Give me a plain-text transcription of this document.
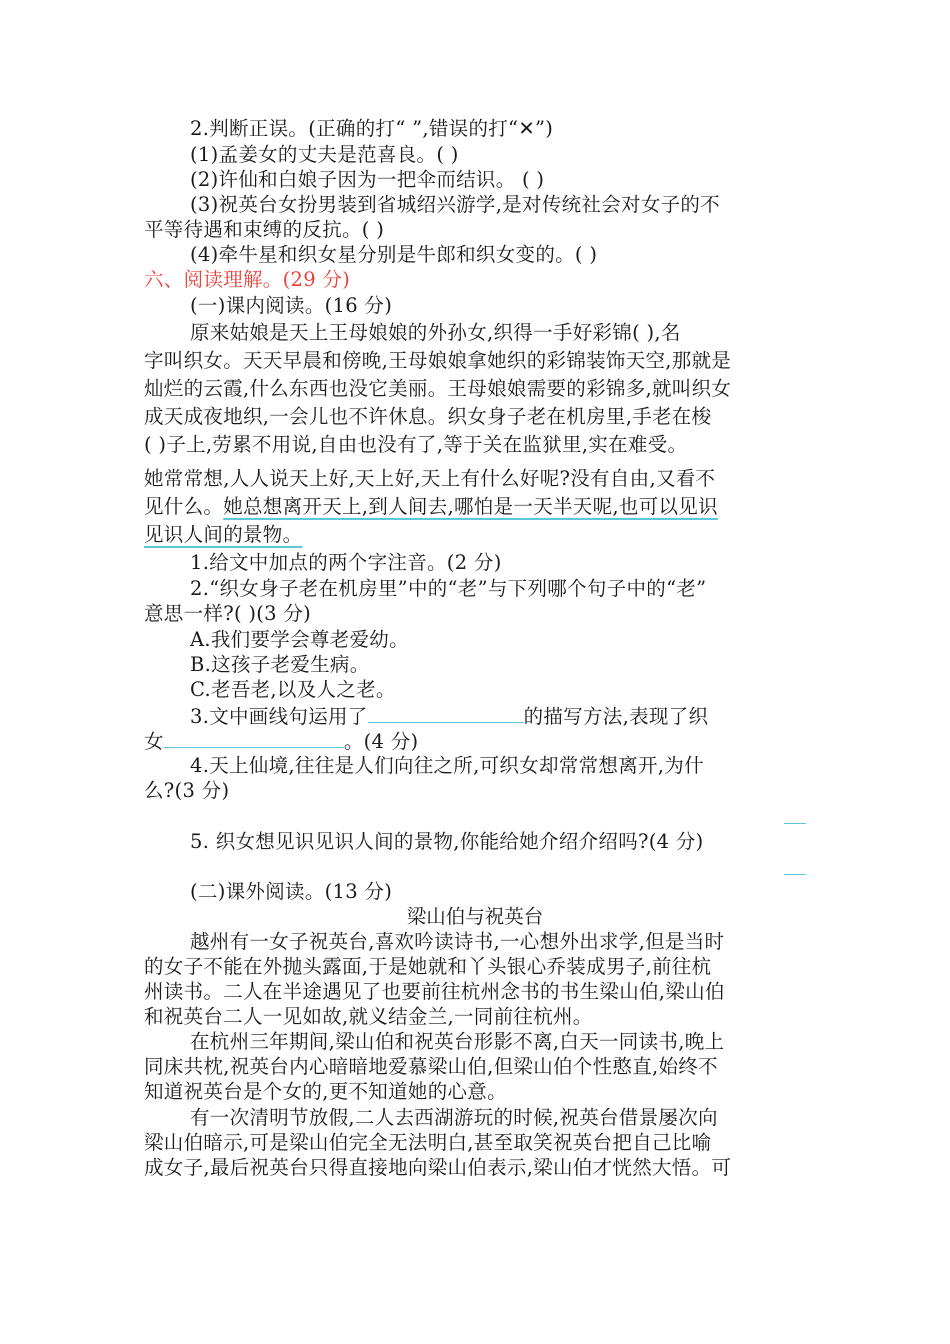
2.判断正误。(正确的打“ ”,错误的打“✕”)
(1)孟姜女的丈夫是范喜良。( )
(2)许仙和白娘子因为一把伞而结识。 ( )
(3)祝英台女扮男装到省城绍兴游学,是对传统社会对女子的不
平等待遇和束缚的反抗。( )
(4)牵牛星和织女星分别是牛郎和织女变的。( )
六、阅读理解。(29 分)
(一)课内阅读。(16 分)
原来姑娘是天上王母娘娘的外孙女,织得一手好彩锦( ),名
字叫织女。天天早晨和傍晚,王母娘娘拿她织的彩锦装饰天空,那就是
灿烂的云霞,什么东西也没它美丽。王母娘娘需要的彩锦多,就叫织女
成天成夜地织,一会儿也不许休息。织女身子老在机房里,手老在梭
( )子上,劳累不用说,自由也没有了,等于关在监狱里,实在难受。
她常常想,人人说天上好,天上好,天上有什么好呢?没有自由,又看不
见什么。她总想离开天上,到人间去,哪怕是一天半天呢,也可以见识
见识人间的景物。
1.给文中加点的两个字注音。(2 分)
2.“织女身子老在机房里”中的“老”与下列哪个句子中的“老”
意思一样?( )(3 分)
A.我们要学会尊老爱幼。
B.这孩子老爱生病。
C.老吾老,以及人之老。
3.文中画线句运用了	的描写方法,表现了织
女	。(4 分)
4.天上仙境,往往是人们向往之所,可织女却常常想离开,为什
么?(3 分)
5. 织女想见识见识人间的景物,你能给她介绍介绍吗?(4 分)
(二)课外阅读。(13 分)
梁山伯与祝英台
越州有一女子祝英台,喜欢吟读诗书,一心想外出求学,但是当时
的女子不能在外抛头露面,于是她就和丫头银心乔装成男子,前往杭
州读书。二人在半途遇见了也要前往杭州念书的书生梁山伯,梁山伯
和祝英台二人一见如故,就义结金兰,一同前往杭州。
在杭州三年期间,梁山伯和祝英台形影不离,白天一同读书,晚上
同床共枕,祝英台内心暗暗地爱慕梁山伯,但梁山伯个性憨直,始终不
知道祝英台是个女的,更不知道她的心意。
有一次清明节放假,二人去西湖游玩的时候,祝英台借景屡次向
梁山伯暗示,可是梁山伯完全无法明白,甚至取笑祝英台把自己比喻
成女子,最后祝英台只得直接地向梁山伯表示,梁山伯才恍然大悟。可
